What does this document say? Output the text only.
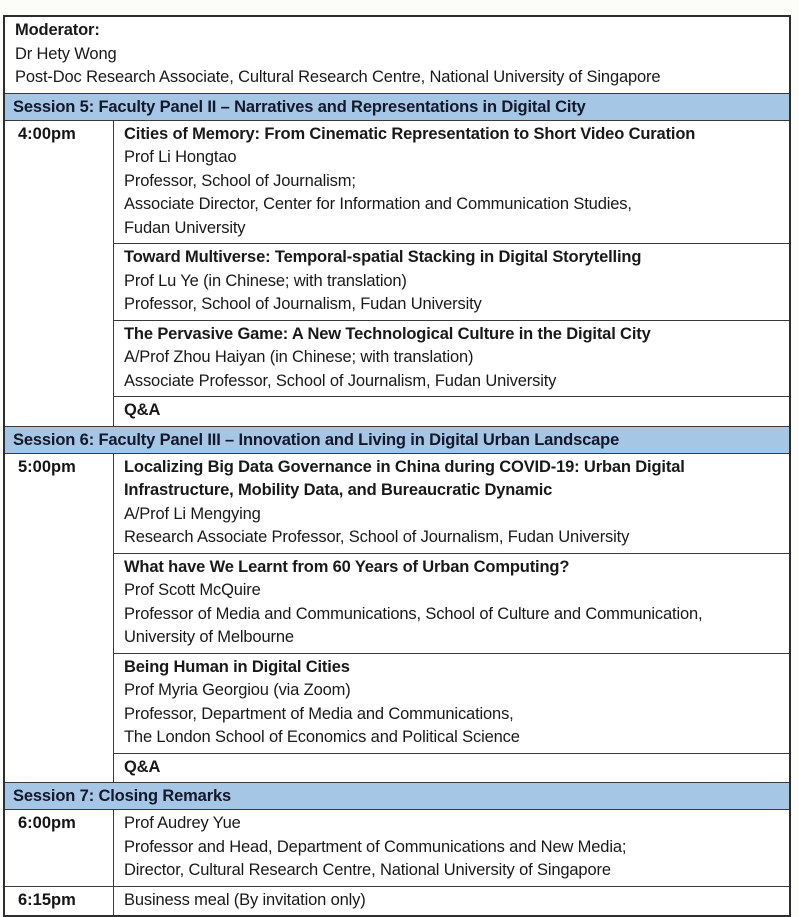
Moderator:
Dr Hety Wong
Post-Doc Research Associate, Cultural Research Centre, National University of Singapore
Session 5: Faculty Panel II – Narratives and Representations in Digital City
4:00pm	Cities of Memory: From Cinematic Representation to Short Video Curation
Prof Li Hongtao
Professor, School of Journalism;
Associate Director, Center for Information and Communication Studies,
Fudan University
Toward Multiverse: Temporal-spatial Stacking in Digital Storytelling
Prof Lu Ye (in Chinese; with translation)
Professor, School of Journalism, Fudan University
The Pervasive Game: A New Technological Culture in the Digital City
A/Prof Zhou Haiyan (in Chinese; with translation)
Associate Professor, School of Journalism, Fudan University
Q&A
Session 6: Faculty Panel III – Innovation and Living in Digital Urban Landscape
5:00pm	Localizing Big Data Governance in China during COVID-19: Urban Digital
Infrastructure, Mobility Data, and Bureaucratic Dynamic
A/Prof Li Mengying
Research Associate Professor, School of Journalism, Fudan University
What have We Learnt from 60 Years of Urban Computing?
Prof Scott McQuire
Professor of Media and Communications, School of Culture and Communication,
University of Melbourne
Being Human in Digital Cities
Prof Myria Georgiou (via Zoom)
Professor, Department of Media and Communications,
The London School of Economics and Political Science
Q&A
Session 7: Closing Remarks
6:00pm	Prof Audrey Yue
Professor and Head, Department of Communications and New Media;
Director, Cultural Research Centre, National University of Singapore
6:15pm	Business meal (By invitation only)
